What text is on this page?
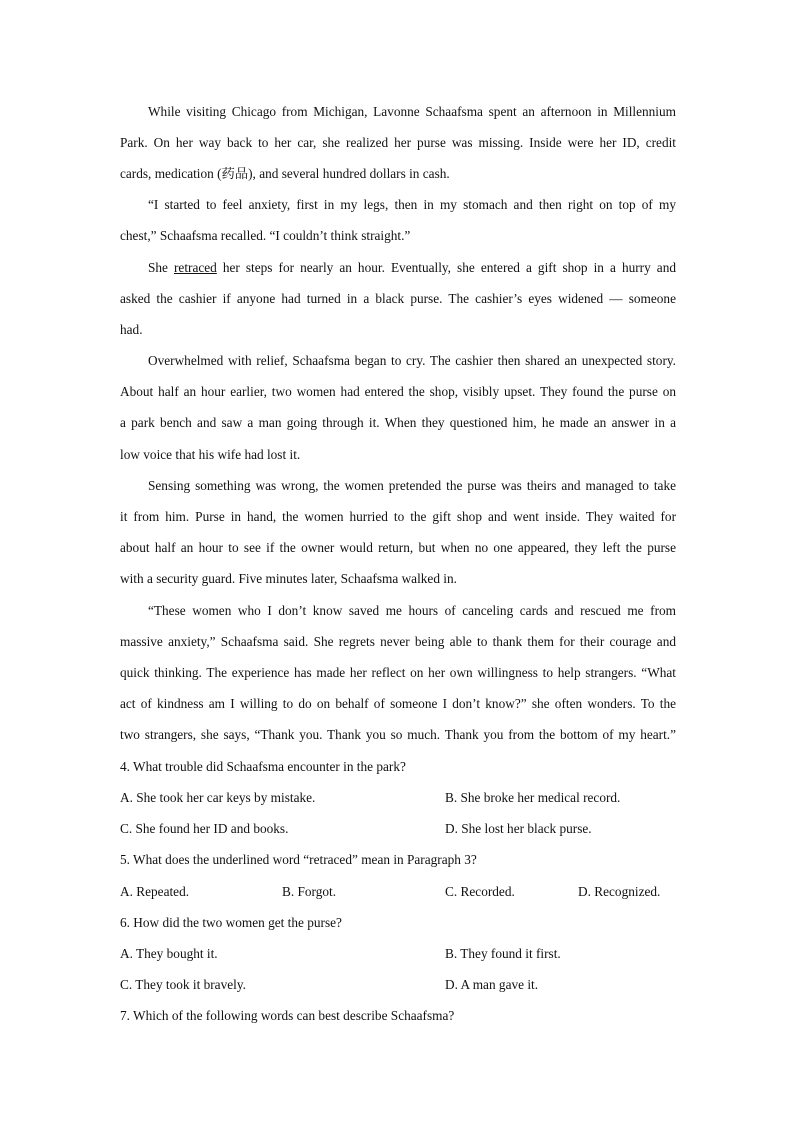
While visiting Chicago from Michigan, Lavonne Schaafsma spent an afternoon in Millennium
Park. On her way back to her car, she realized her purse was missing. Inside were her ID, credit
cards, medication (药品), and several hundred dollars in cash.
“I started to feel anxiety, first in my legs, then in my stomach and then right on top of my
chest,” Schaafsma recalled. “I couldn’t think straight.”
She retraced her steps for nearly an hour. Eventually, she entered a gift shop in a hurry and
asked the cashier if anyone had turned in a black purse. The cashier’s eyes widened — someone
had.
Overwhelmed with relief, Schaafsma began to cry. The cashier then shared an unexpected story.
About half an hour earlier, two women had entered the shop, visibly upset. They found the purse on
a park bench and saw a man going through it. When they questioned him, he made an answer in a
low voice that his wife had lost it.
Sensing something was wrong, the women pretended the purse was theirs and managed to take
it from him. Purse in hand, the women hurried to the gift shop and went inside. They waited for
about half an hour to see if the owner would return, but when no one appeared, they left the purse
with a security guard. Five minutes later, Schaafsma walked in.
“These women who I don’t know saved me hours of canceling cards and rescued me from
massive anxiety,” Schaafsma said. She regrets never being able to thank them for their courage and
quick thinking. The experience has made her reflect on her own willingness to help strangers. “What
act of kindness am I willing to do on behalf of someone I don’t know?” she often wonders. To the
two strangers, she says, “Thank you. Thank you so much. Thank you from the bottom of my heart.”
4. What trouble did Schaafsma encounter in the park?
A. She took her car keys by mistake.	B. She broke her medical record.
C. She found her ID and books.	D. She lost her black purse.
5. What does the underlined word “retraced” mean in Paragraph 3?
A. Repeated.	B. Forgot.	C. Recorded.	D. Recognized.
6. How did the two women get the purse?
A. They bought it.	B. They found it first.
C. They took it bravely.	D. A man gave it.
7. Which of the following words can best describe Schaafsma?
